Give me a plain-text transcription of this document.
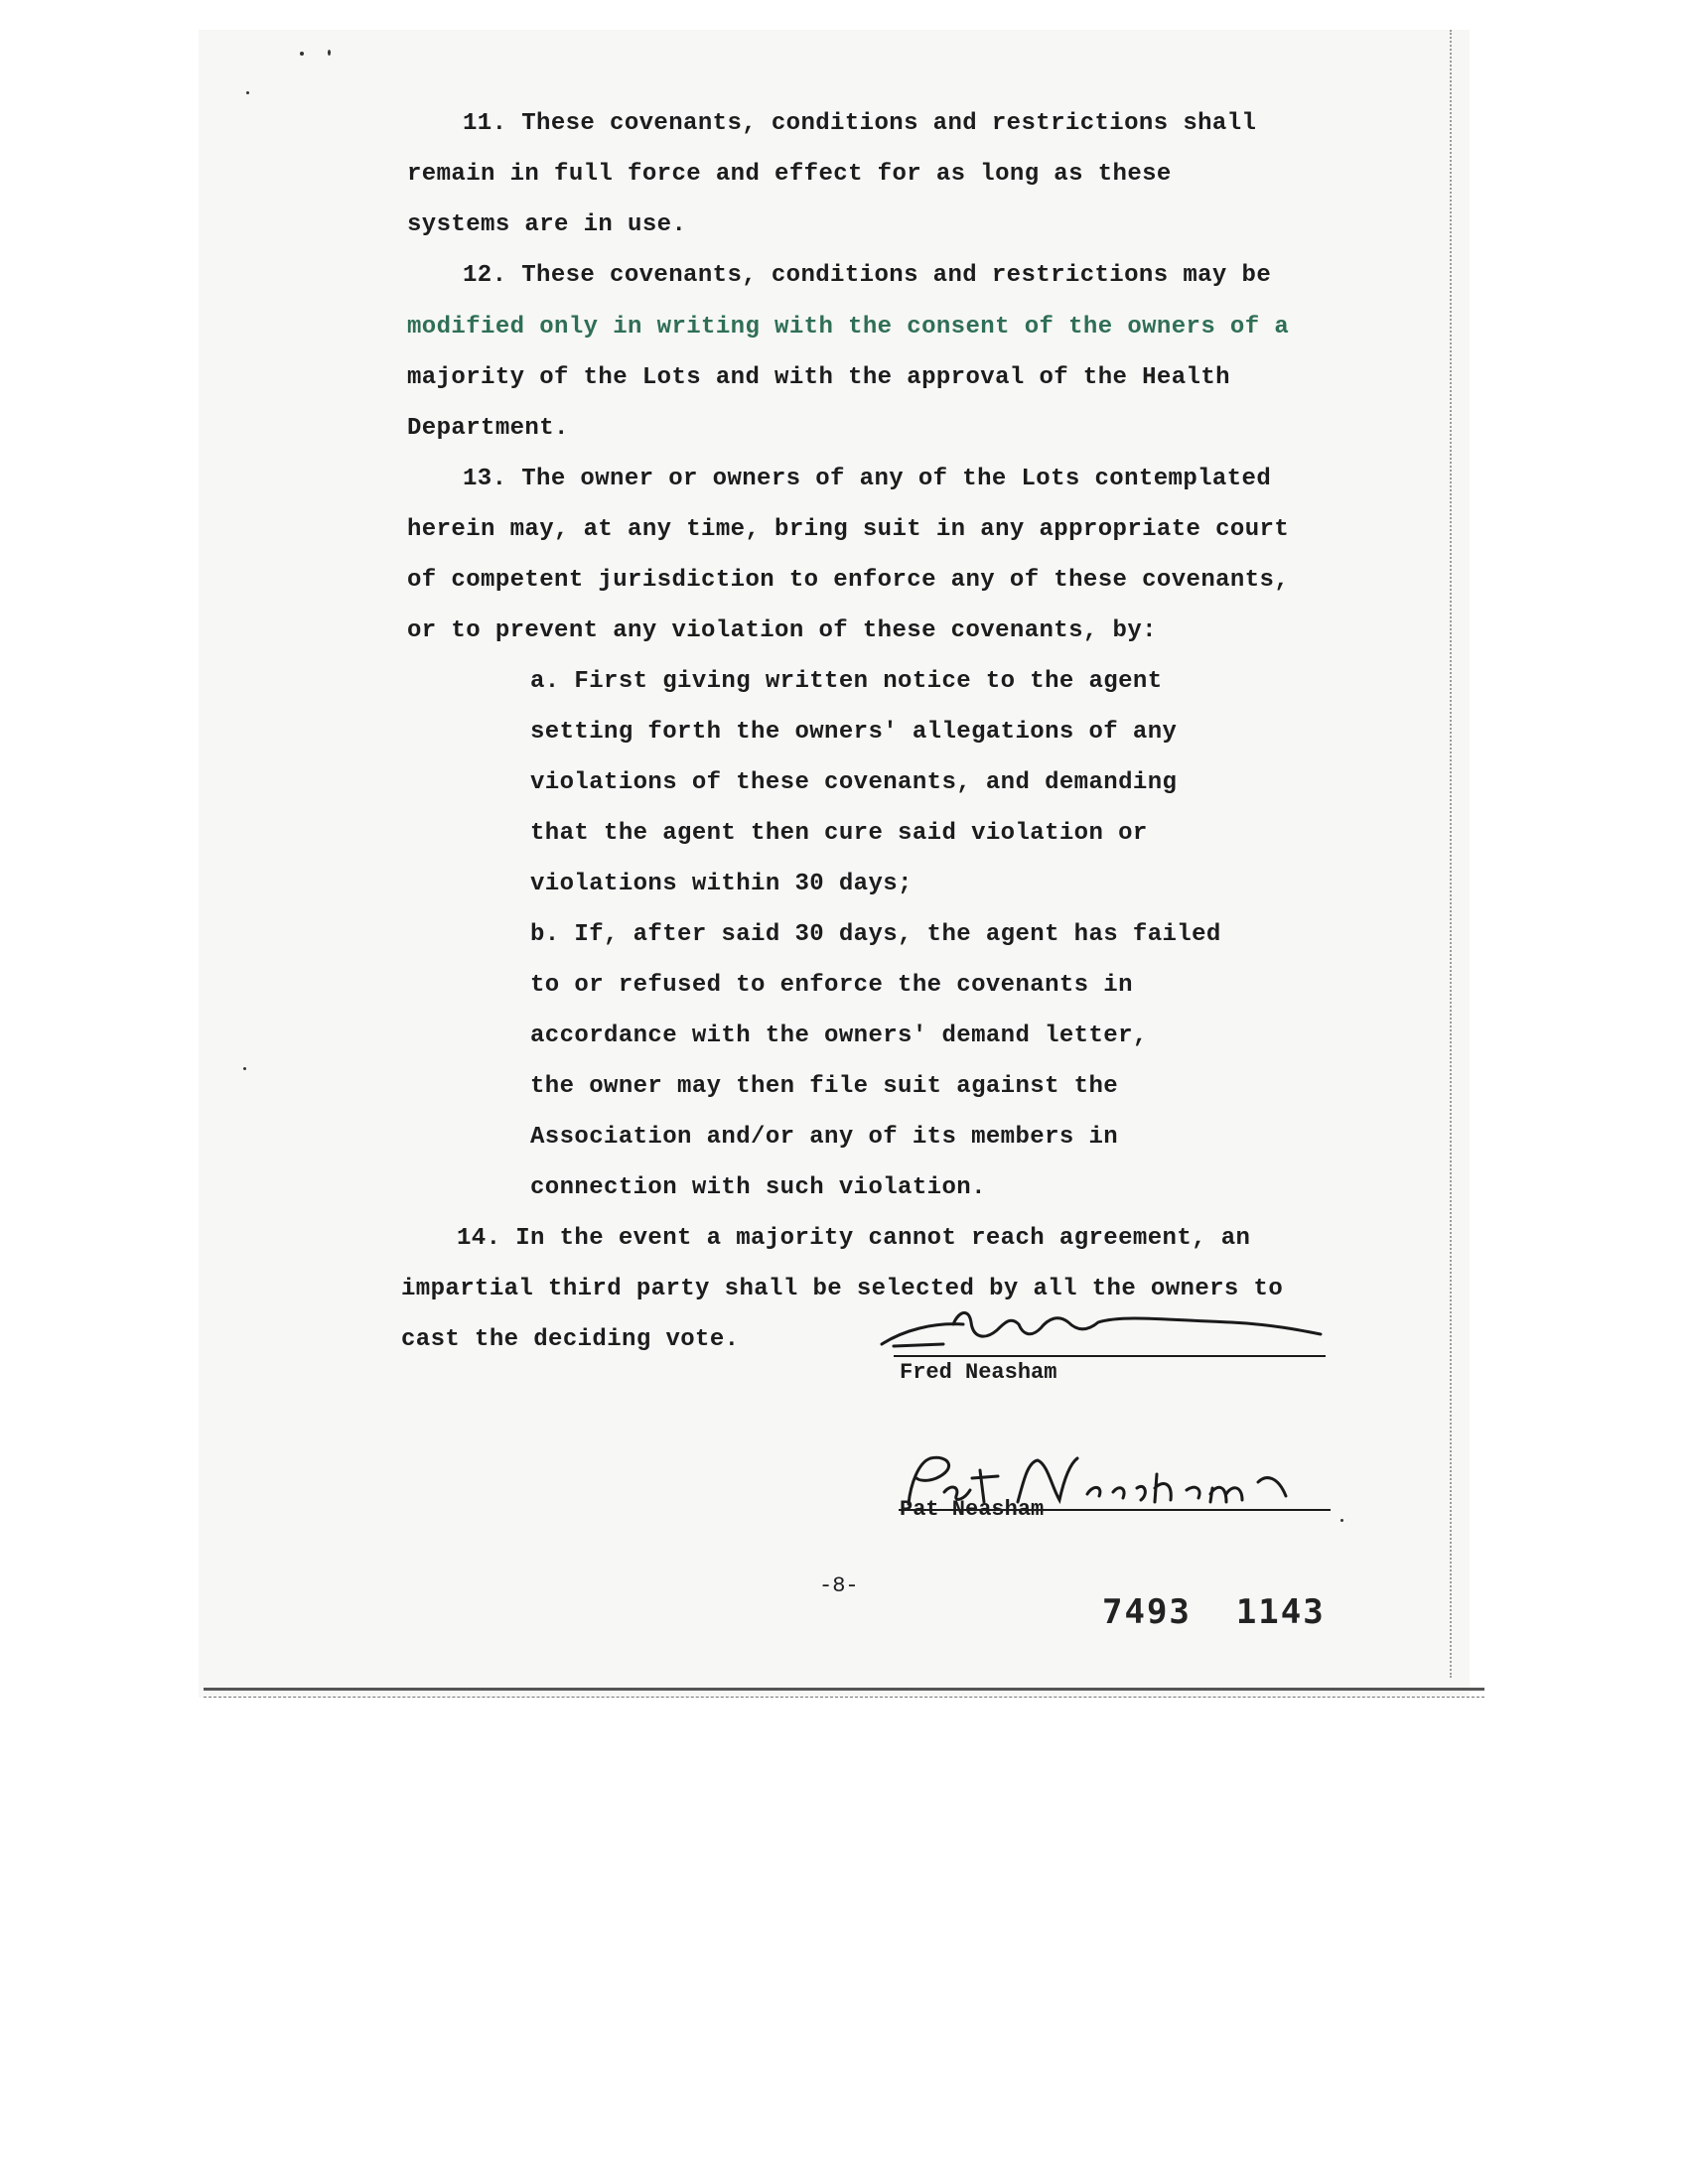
11. These covenants, conditions and restrictions shall
remain in full force and effect for as long as these
systems are in use.
12. These covenants, conditions and restrictions may be
modified only in writing with the consent of the owners of a
majority of the Lots and with the approval of the Health
Department.
13. The owner or owners of any of the Lots contemplated
herein may, at any time, bring suit in any appropriate court
of competent jurisdiction to enforce any of these covenants,
or to prevent any violation of these covenants, by:
a. First giving written notice to the agent
setting forth the owners' allegations of any
violations of these covenants, and demanding
that the agent then cure said violation or
violations within 30 days;
b. If, after said 30 days, the agent has failed
to or refused to enforce the covenants in
accordance with the owners' demand letter,
the owner may then file suit against the
Association and/or any of its members in
connection with such violation.
14. In the event a majority cannot reach agreement, an
impartial third party shall be selected by all the owners to
cast the deciding vote.
Fred Neasham
Pat Neasham
-8-
7493  1143
